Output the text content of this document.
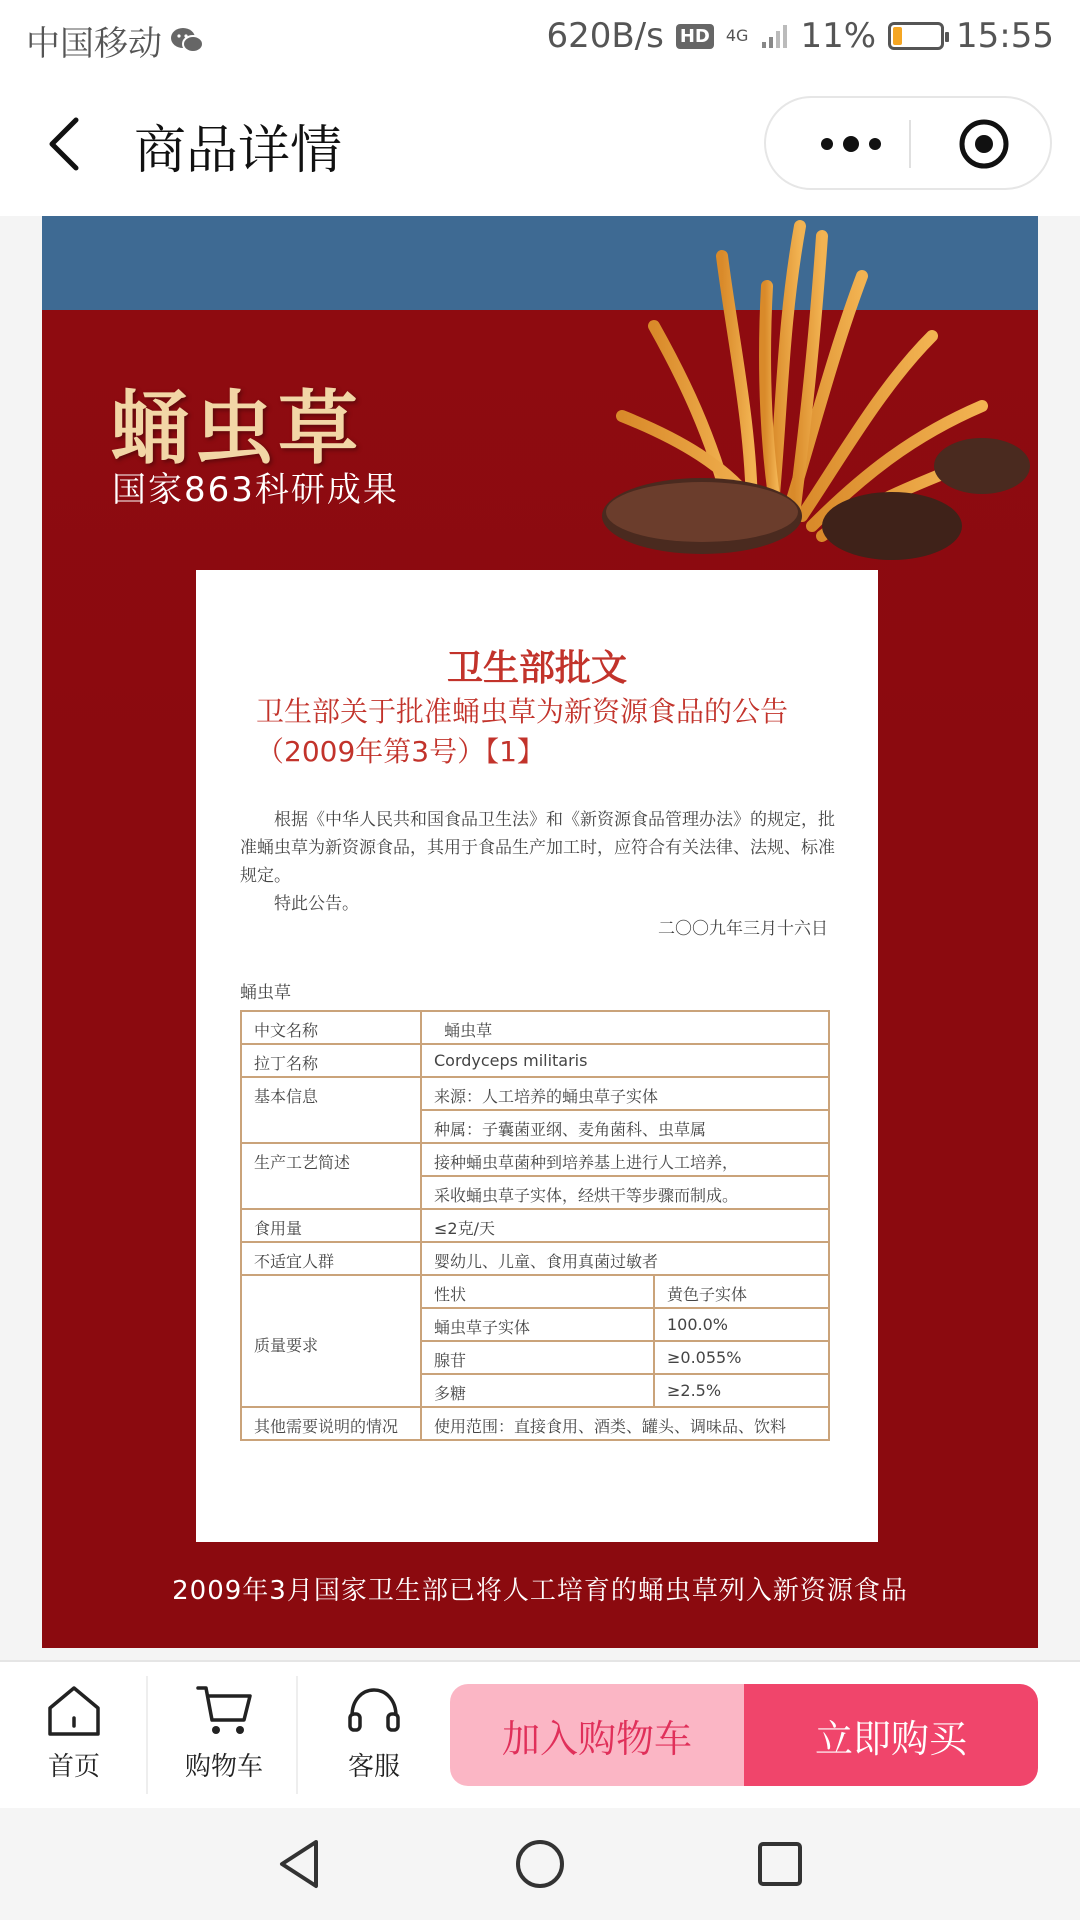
中国移动	620B/s HD 4G 11% 15:55
商品详情
蛹虫草
国家863科研成果
卫生部批文
卫生部关于批准蛹虫草为新资源食品的公告（2009年第3号）【1】

根据《中华人民共和国食品卫生法》和《新资源食品管理办法》的规定，批准蛹虫草为新资源食品，其用于食品生产加工时，应符合有关法律、法规、标准规定。

特此公告。

二〇〇九年三月十六日
蛹虫草
中文名称	蛹虫草	
拉丁名称	Cordyceps militaris	
基本信息	来源：人工培养的蛹虫草子实体	
	种属：子囊菌亚纲、麦角菌科、虫草属	
生产工艺简述	接种蛹虫草菌种到培养基上进行人工培养，	
	采收蛹虫草子实体，经烘干等步骤而制成。	
食用量	≤2克/天	
不适宜人群	婴幼儿、儿童、食用真菌过敏者	
质量要求	性状	黄色子实体
	蛹虫草子实体	100.0%
	腺苷	≥0.055%
	多糖	≥2.5%
其他需要说明的情况	使用范围：直接食用、酒类、罐头、调味品、饮料	
2009年3月国家卫生部已将人工培育的蛹虫草列入新资源食品
首页	购物车	客服
加入购物车	立即购买
